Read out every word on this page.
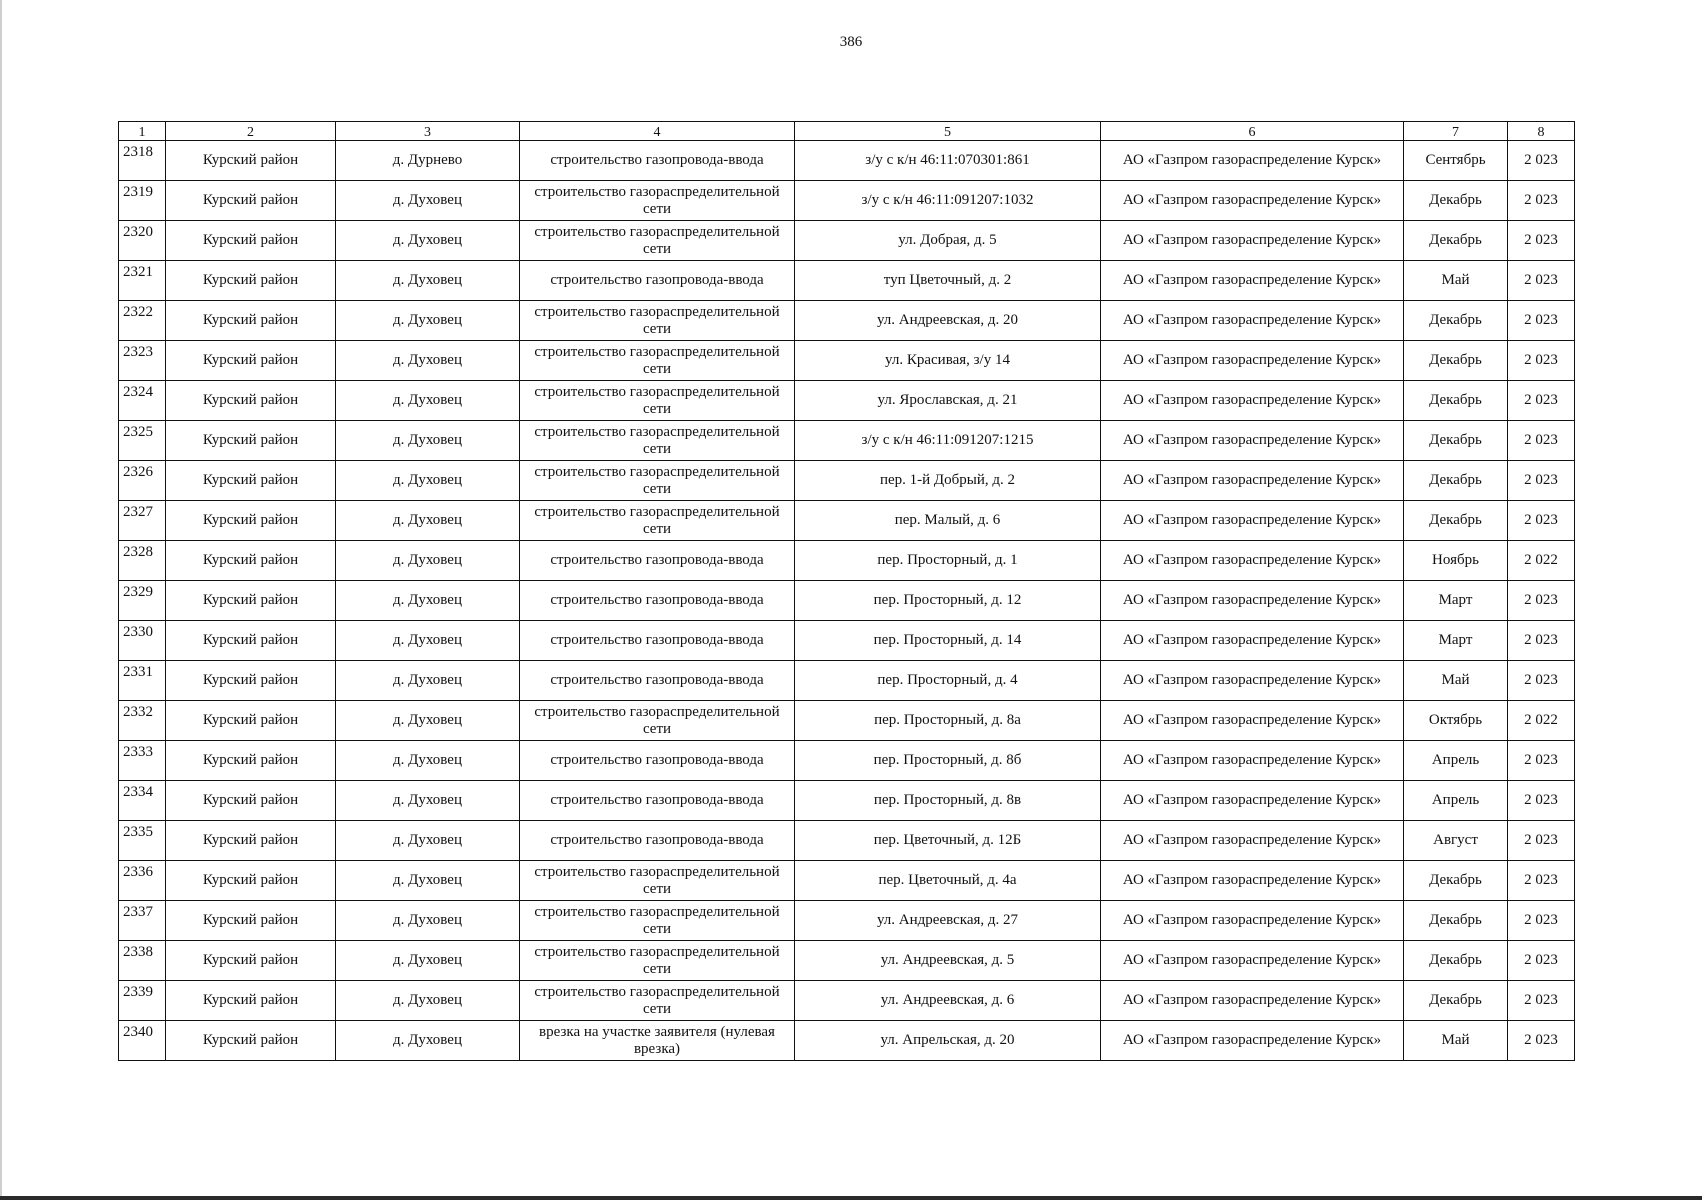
386
1	2	3	4	5	6	7	8
2318	Курский район	д. Дурнево	строительство газопровода-ввода	з/у с к/н 46:11:070301:861	АО «Газпром газораспределение Курск»	Сентябрь	2 023
2319	Курский район	д. Духовец	строительство газораспределительной сети	з/у с к/н 46:11:091207:1032	АО «Газпром газораспределение Курск»	Декабрь	2 023
2320	Курский район	д. Духовец	строительство газораспределительной сети	ул. Добрая, д. 5	АО «Газпром газораспределение Курск»	Декабрь	2 023
2321	Курский район	д. Духовец	строительство газопровода-ввода	туп Цветочный, д. 2	АО «Газпром газораспределение Курск»	Май	2 023
2322	Курский район	д. Духовец	строительство газораспределительной сети	ул. Андреевская, д. 20	АО «Газпром газораспределение Курск»	Декабрь	2 023
2323	Курский район	д. Духовец	строительство газораспределительной сети	ул. Красивая, з/у 14	АО «Газпром газораспределение Курск»	Декабрь	2 023
2324	Курский район	д. Духовец	строительство газораспределительной сети	ул. Ярославская, д. 21	АО «Газпром газораспределение Курск»	Декабрь	2 023
2325	Курский район	д. Духовец	строительство газораспределительной сети	з/у с к/н 46:11:091207:1215	АО «Газпром газораспределение Курск»	Декабрь	2 023
2326	Курский район	д. Духовец	строительство газораспределительной сети	пер. 1-й Добрый, д. 2	АО «Газпром газораспределение Курск»	Декабрь	2 023
2327	Курский район	д. Духовец	строительство газораспределительной сети	пер. Малый, д. 6	АО «Газпром газораспределение Курск»	Декабрь	2 023
2328	Курский район	д. Духовец	строительство газопровода-ввода	пер. Просторный, д. 1	АО «Газпром газораспределение Курск»	Ноябрь	2 022
2329	Курский район	д. Духовец	строительство газопровода-ввода	пер. Просторный, д. 12	АО «Газпром газораспределение Курск»	Март	2 023
2330	Курский район	д. Духовец	строительство газопровода-ввода	пер. Просторный, д. 14	АО «Газпром газораспределение Курск»	Март	2 023
2331	Курский район	д. Духовец	строительство газопровода-ввода	пер. Просторный, д. 4	АО «Газпром газораспределение Курск»	Май	2 023
2332	Курский район	д. Духовец	строительство газораспределительной сети	пер. Просторный, д. 8а	АО «Газпром газораспределение Курск»	Октябрь	2 022
2333	Курский район	д. Духовец	строительство газопровода-ввода	пер. Просторный, д. 8б	АО «Газпром газораспределение Курск»	Апрель	2 023
2334	Курский район	д. Духовец	строительство газопровода-ввода	пер. Просторный, д. 8в	АО «Газпром газораспределение Курск»	Апрель	2 023
2335	Курский район	д. Духовец	строительство газопровода-ввода	пер. Цветочный, д. 12Б	АО «Газпром газораспределение Курск»	Август	2 023
2336	Курский район	д. Духовец	строительство газораспределительной сети	пер. Цветочный, д. 4а	АО «Газпром газораспределение Курск»	Декабрь	2 023
2337	Курский район	д. Духовец	строительство газораспределительной сети	ул. Андреевская, д. 27	АО «Газпром газораспределение Курск»	Декабрь	2 023
2338	Курский район	д. Духовец	строительство газораспределительной сети	ул. Андреевская, д. 5	АО «Газпром газораспределение Курск»	Декабрь	2 023
2339	Курский район	д. Духовец	строительство газораспределительной сети	ул. Андреевская, д. 6	АО «Газпром газораспределение Курск»	Декабрь	2 023
2340	Курский район	д. Духовец	врезка на участке заявителя (нулевая врезка)	ул. Апрельская, д. 20	АО «Газпром газораспределение Курск»	Май	2 023
